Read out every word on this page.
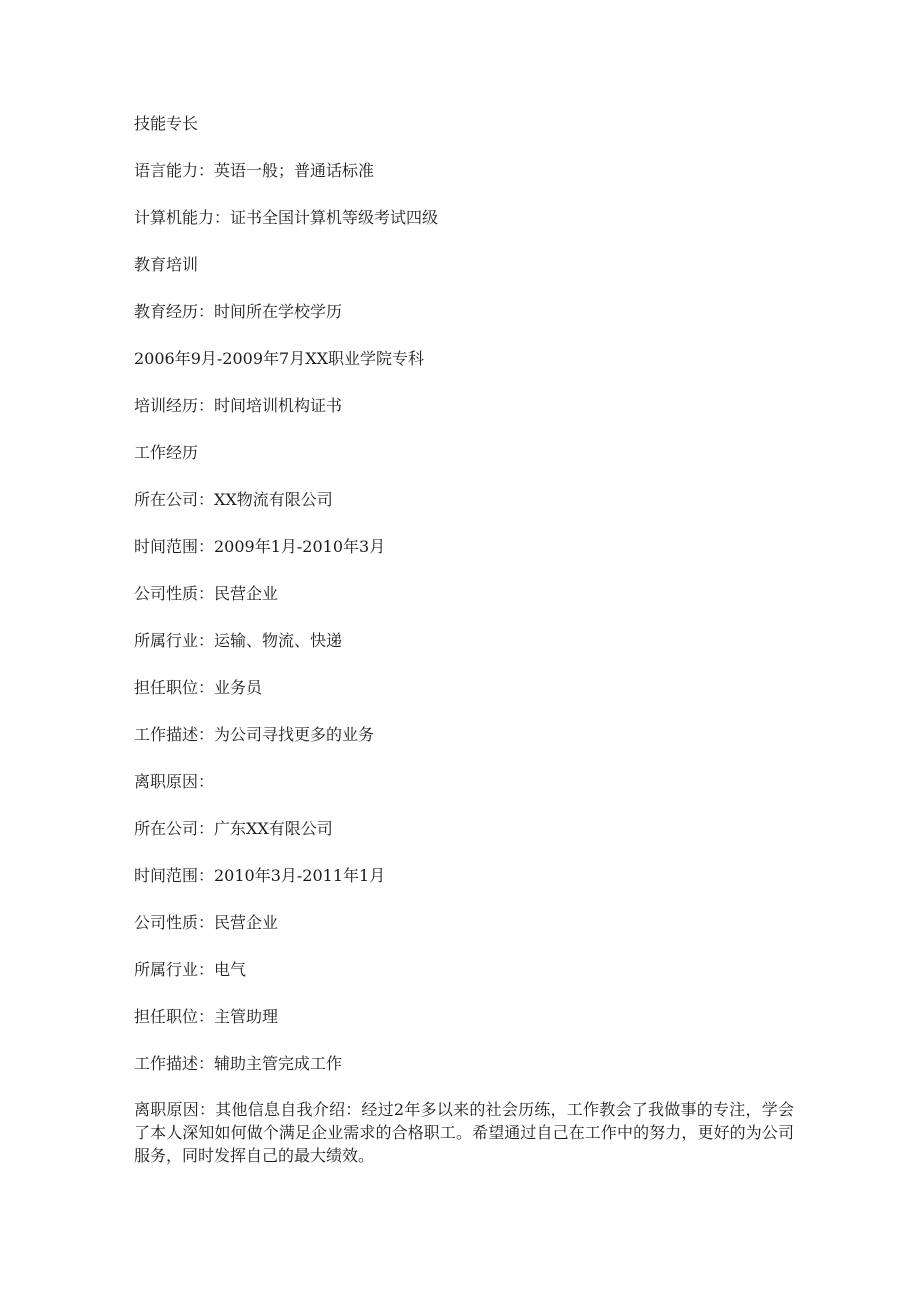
技能专长
语言能力：英语一般；普通话标准
计算机能力：证书全国计算机等级考试四级
教育培训
教育经历：时间所在学校学历
2006年9月-2009年7月XX职业学院专科
培训经历：时间培训机构证书
工作经历
所在公司：XX物流有限公司
时间范围：2009年1月-2010年3月
公司性质：民营企业
所属行业：运输、物流、快递
担任职位：业务员
工作描述：为公司寻找更多的业务
离职原因：
所在公司：广东XX有限公司
时间范围：2010年3月-2011年1月
公司性质：民营企业
所属行业：电气
担任职位：主管助理
工作描述：辅助主管完成工作
离职原因：其他信息自我介绍：经过2年多以来的社会历练，工作教会了我做事的专注，学会了本人深知如何做个满足企业需求的合格职工。希望通过自己在工作中的努力，更好的为公司服务，同时发挥自己的最大绩效。
